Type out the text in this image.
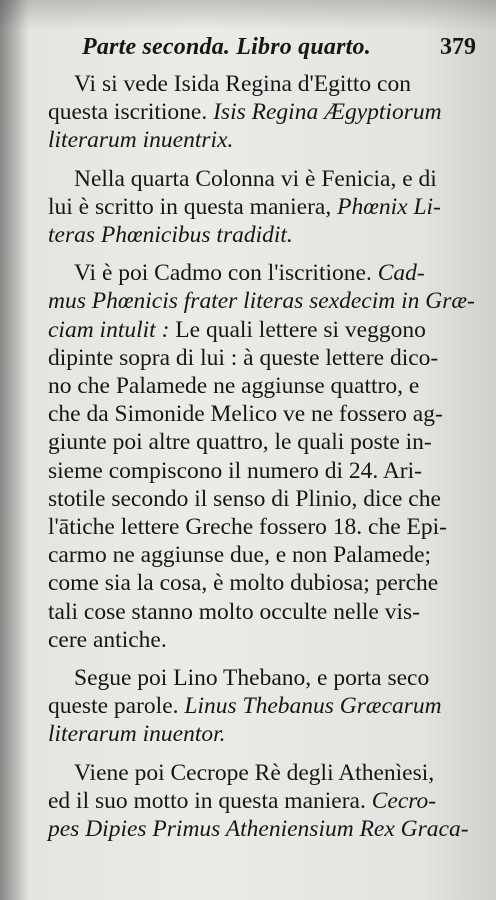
Parte seconda. Libro quarto.	379
Vi si vede Isida Regina d'Egitto con
questa iscritione. Isis Regina Ægyptiorum
literarum inuentrix.
Nella quarta Colonna vi è Fenicia, e di
lui è scritto in questa maniera, Phœnix Li-
teras Phœnicibus tradidit.
Vi è poi Cadmo con l'iscritione. Cad-
mus Phœnicis frater literas sexdecim in Græ-
ciam intulit : Le quali lettere si veggono
dipinte sopra di lui : à queste lettere dico-
no che Palamede ne aggiunse quattro, e
che da Simonide Melico ve ne fossero ag-
giunte poi altre quattro, le quali poste in-
sieme compiscono il numero di 24. Ari-
stotile secondo il senso di Plinio, dice che
l'ātiche lettere Greche fossero 18. che Epi-
carmo ne aggiunse due, e non Palamede;
come sia la cosa, è molto dubiosa; perche
tali cose stanno molto occulte nelle vis-
cere antiche.
Segue poi Lino Thebano, e porta seco
queste parole. Linus Thebanus Græcarum
literarum inuentor.
Viene poi Cecrope Rè degli Athenìesi,
ed il suo motto in questa maniera. Cecro-
pes Dipies Primus Atheniensium Rex Graca-
